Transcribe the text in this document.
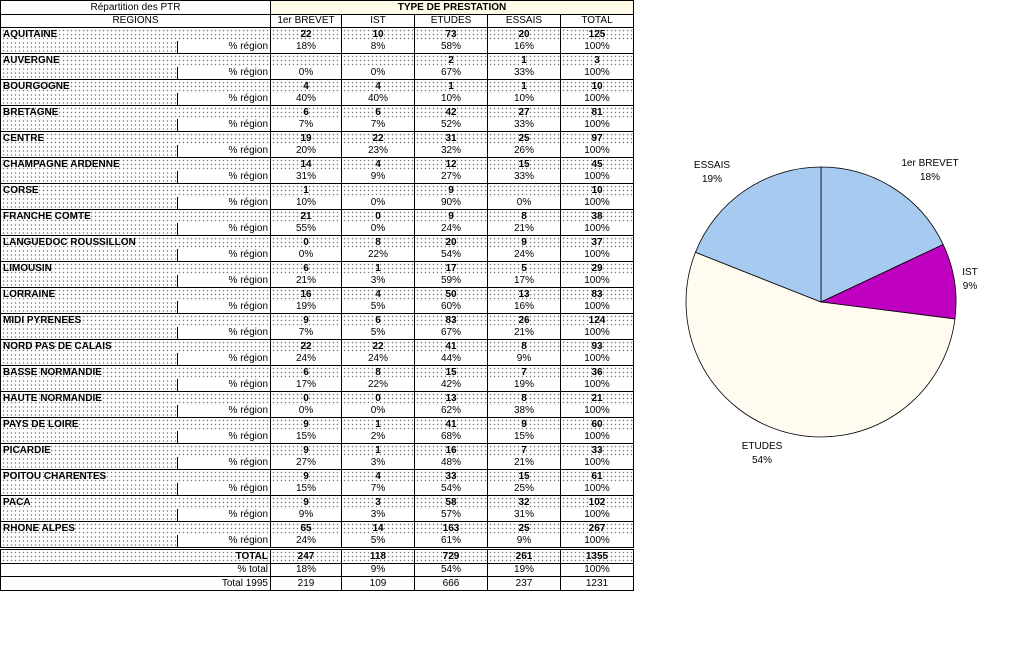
Répartition des PTR		TYPE DE PRESTATION				
REGIONS		1er BREVET	IST	ETUDES	ESSAIS	TOTAL
AQUITAINE		22	10	73	20	125
	% région	18%	8%	58%	16%	100%
AUVERGNE				2	1	3
	% région	0%	0%	67%	33%	100%
BOURGOGNE		4	4	1	1	10
	% région	40%	40%	10%	10%	100%
BRETAGNE		6	6	42	27	81
	% région	7%	7%	52%	33%	100%
CENTRE		19	22	31	25	97
	% région	20%	23%	32%	26%	100%
CHAMPAGNE ARDENNE		14	4	12	15	45
	% région	31%	9%	27%	33%	100%
CORSE		1		9		10
	% région	10%	0%	90%	0%	100%
FRANCHE COMTE		21	0	9	8	38
	% région	55%	0%	24%	21%	100%
LANGUEDOC ROUSSILLON		0	8	20	9	37
	% région	0%	22%	54%	24%	100%
LIMOUSIN		6	1	17	5	29
	% région	21%	3%	59%	17%	100%
LORRAINE		16	4	50	13	83
	% région	19%	5%	60%	16%	100%
MIDI PYRENEES		9	6	83	26	124
	% région	7%	5%	67%	21%	100%
NORD PAS DE CALAIS		22	22	41	8	93
	% région	24%	24%	44%	9%	100%
BASSE NORMANDIE		6	8	15	7	36
	% région	17%	22%	42%	19%	100%
HAUTE NORMANDIE		0	0	13	8	21
	% région	0%	0%	62%	38%	100%
PAYS DE LOIRE		9	1	41	9	60
	% région	15%	2%	68%	15%	100%
PICARDIE		9	1	16	7	33
	% région	27%	3%	48%	21%	100%
POITOU CHARENTES		9	4	33	15	61
	% région	15%	7%	54%	25%	100%
PACA		9	3	58	32	102
	% région	9%	3%	57%	31%	100%
RHONE ALPES		65	14	163	25	267
	% région	24%	5%	61%	9%	100%
TOTAL		247	118	729	261	1355
% total		18%	9%	54%	19%	100%
Total 1995		219	109	666	237	1231
1er BREVET
18%
IST
9%
ETUDES
54%
ESSAIS
19%
